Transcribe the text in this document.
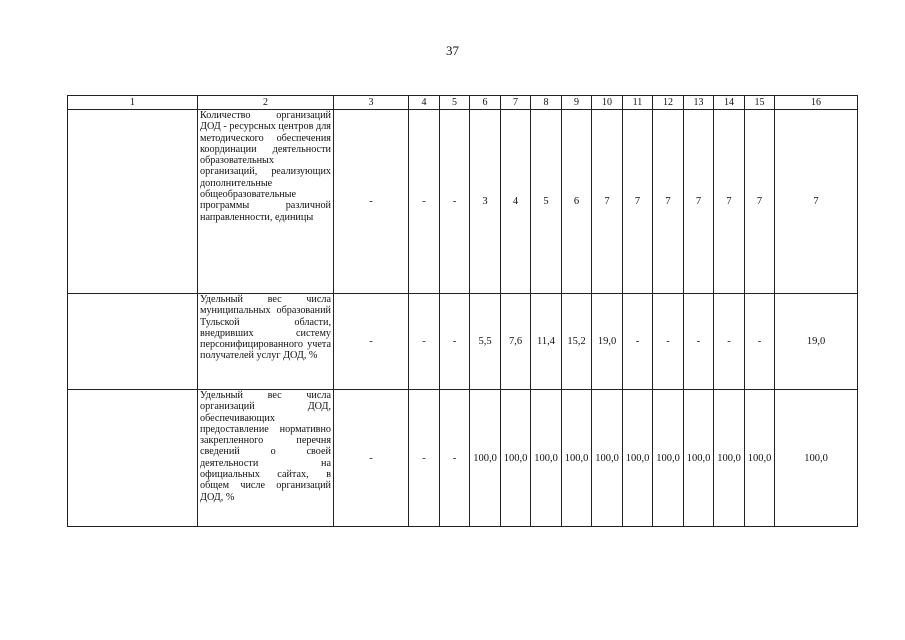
37
1	2	3	4	5	6	7	8	9	10	11	12	13	14	15	16
	Количество организаций ДОД - ресурсных центров для методического обеспечения координации деятельности образовательных организаций, реализующих дополнительные общеобразовательные программы различной направленности, единицы	-	-	-	3	4	5	6	7	7	7	7	7	7	7
	Удельный вес числа муниципальных образований Тульской области, внедривших систему персонифицированного учета получателей услуг ДОД, %	-	-	-	5,5	7,6	11,4	15,2	19,0	-	-	-	-	-	19,0
	Удельный вес числа организаций ДОД, обеспечивающих предоставление нормативно закрепленного перечня сведений о своей деятельности на официальных сайтах, в общем числе организаций ДОД, %	-	-	-	100,0	100,0	100,0	100,0	100,0	100,0	100,0	100,0	100,0	100,0	100,0
